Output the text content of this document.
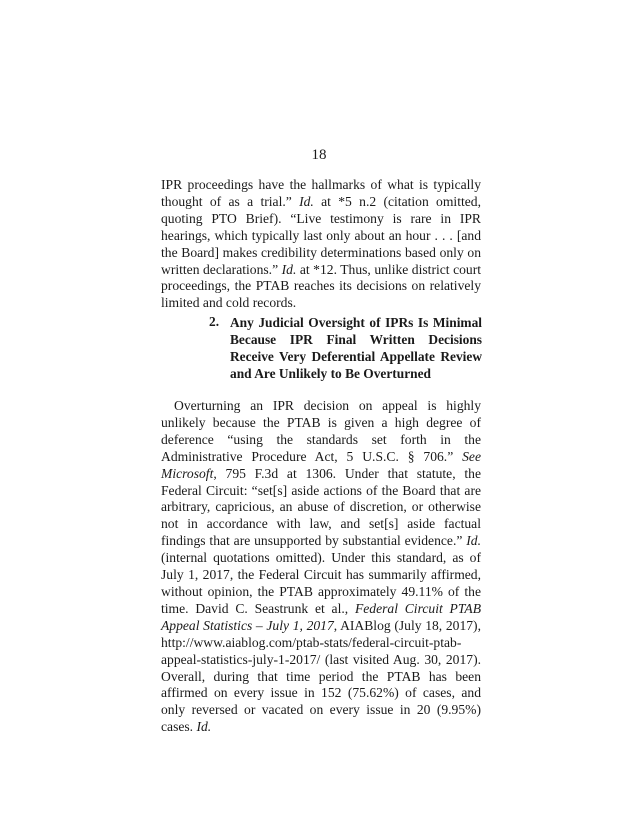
18

IPR proceedings have the hallmarks of what is typically thought of as a trial.” Id. at *5 n.2 (citation omitted, quoting PTO Brief). “Live testimony is rare in IPR hearings, which typically last only about an hour . . . [and the Board] makes credibility determinations based only on written declarations.” Id. at *12. Thus, unlike district court proceedings, the PTAB reaches its decisions on relatively limited and cold records.

2. Any Judicial Oversight of IPRs Is Minimal Because IPR Final Written Decisions Receive Very Deferential Appellate Review and Are Unlikely to Be Overturned

Overturning an IPR decision on appeal is highly unlikely because the PTAB is given a high degree of deference “using the standards set forth in the Administrative Procedure Act, 5 U.S.C. § 706.” See Microsoft, 795 F.3d at 1306. Under that statute, the Federal Circuit: “set[s] aside actions of the Board that are arbitrary, capricious, an abuse of discretion, or otherwise not in accordance with law, and set[s] aside factual findings that are unsupported by substantial evidence.” Id. (internal quotations omitted). Under this standard, as of July 1, 2017, the Federal Circuit has summarily affirmed, without opinion, the PTAB approximately 49.11% of the time. David C. Seastrunk et al., Federal Circuit PTAB Appeal Statistics – July 1, 2017, AIABlog (July 18, 2017), http://www.aiablog.com/ptab-stats/federal-circuit-ptab-appeal-statistics-july-1-2017/ (last visited Aug. 30, 2017). Overall, during that time period the PTAB has been affirmed on every issue in 152 (75.62%) of cases, and only reversed or vacated on every issue in 20 (9.95%) cases. Id.
